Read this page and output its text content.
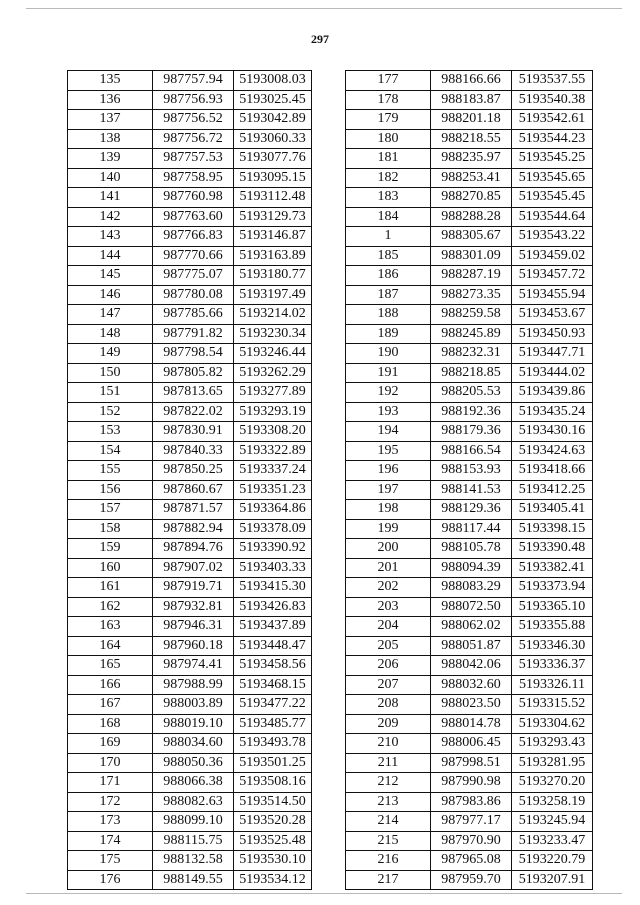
297
135	987757.94	5193008.03
136	987756.93	5193025.45
137	987756.52	5193042.89
138	987756.72	5193060.33
139	987757.53	5193077.76
140	987758.95	5193095.15
141	987760.98	5193112.48
142	987763.60	5193129.73
143	987766.83	5193146.87
144	987770.66	5193163.89
145	987775.07	5193180.77
146	987780.08	5193197.49
147	987785.66	5193214.02
148	987791.82	5193230.34
149	987798.54	5193246.44
150	987805.82	5193262.29
151	987813.65	5193277.89
152	987822.02	5193293.19
153	987830.91	5193308.20
154	987840.33	5193322.89
155	987850.25	5193337.24
156	987860.67	5193351.23
157	987871.57	5193364.86
158	987882.94	5193378.09
159	987894.76	5193390.92
160	987907.02	5193403.33
161	987919.71	5193415.30
162	987932.81	5193426.83
163	987946.31	5193437.89
164	987960.18	5193448.47
165	987974.41	5193458.56
166	987988.99	5193468.15
167	988003.89	5193477.22
168	988019.10	5193485.77
169	988034.60	5193493.78
170	988050.36	5193501.25
171	988066.38	5193508.16
172	988082.63	5193514.50
173	988099.10	5193520.28
174	988115.75	5193525.48
175	988132.58	5193530.10
176	988149.55	5193534.12
177	988166.66	5193537.55
178	988183.87	5193540.38
179	988201.18	5193542.61
180	988218.55	5193544.23
181	988235.97	5193545.25
182	988253.41	5193545.65
183	988270.85	5193545.45
184	988288.28	5193544.64
1	988305.67	5193543.22
185	988301.09	5193459.02
186	988287.19	5193457.72
187	988273.35	5193455.94
188	988259.58	5193453.67
189	988245.89	5193450.93
190	988232.31	5193447.71
191	988218.85	5193444.02
192	988205.53	5193439.86
193	988192.36	5193435.24
194	988179.36	5193430.16
195	988166.54	5193424.63
196	988153.93	5193418.66
197	988141.53	5193412.25
198	988129.36	5193405.41
199	988117.44	5193398.15
200	988105.78	5193390.48
201	988094.39	5193382.41
202	988083.29	5193373.94
203	988072.50	5193365.10
204	988062.02	5193355.88
205	988051.87	5193346.30
206	988042.06	5193336.37
207	988032.60	5193326.11
208	988023.50	5193315.52
209	988014.78	5193304.62
210	988006.45	5193293.43
211	987998.51	5193281.95
212	987990.98	5193270.20
213	987983.86	5193258.19
214	987977.17	5193245.94
215	987970.90	5193233.47
216	987965.08	5193220.79
217	987959.70	5193207.91
